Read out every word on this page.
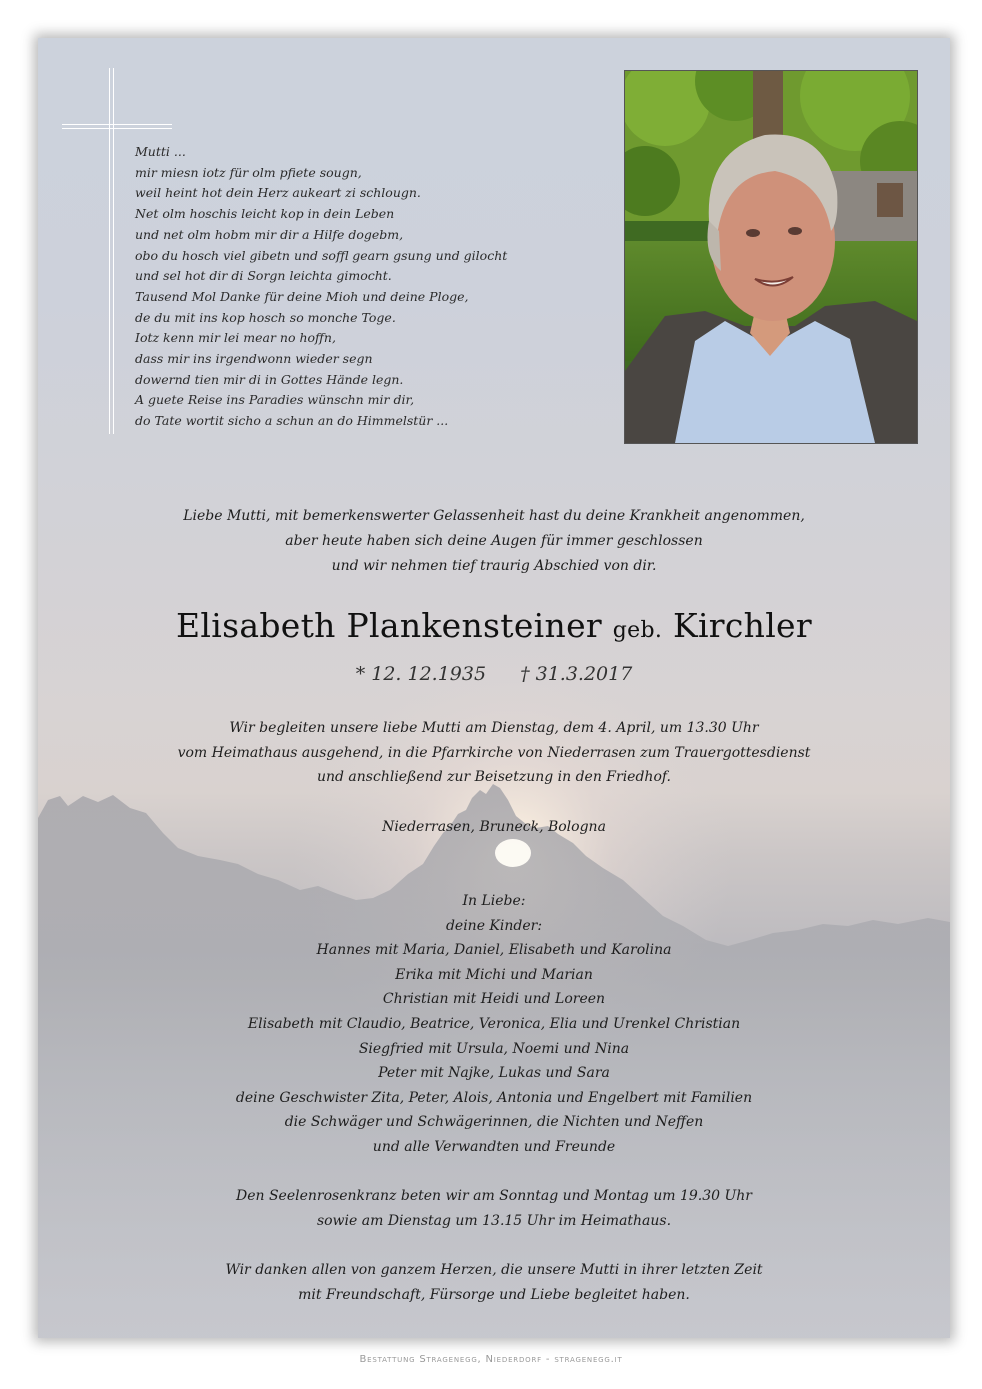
Mutti ...
mir miesn iotz für olm pfiete sougn,
weil heint hot dein Herz aukeart zi schlougn.
Net olm hoschis leicht kop in dein Leben
und net olm hobm mir dir a Hilfe dogebm,
obo du hosch viel gibetn und soffl gearn gsung und gilocht
und sel hot dir di Sorgn leichta gimocht.
Tausend Mol Danke für deine Mioh und deine Ploge,
de du mit ins kop hosch so monche Toge.
Iotz kenn mir lei mear no hoffn,
dass mir ins irgendwonn wieder segn
dowernd tien mir di in Gottes Hände legn.
A guete Reise ins Paradies wünschn mir dir,
do Tate wortit sicho a schun an do Himmelstür ...
Liebe Mutti, mit bemerkenswerter Gelassenheit hast du deine Krankheit angenommen,
aber heute haben sich deine Augen für immer geschlossen
und wir nehmen tief traurig Abschied von dir.
Elisabeth Plankensteiner geb. Kirchler
* 12. 12.1935 † 31.3.2017
Wir begleiten unsere liebe Mutti am Dienstag, dem 4. April, um 13.30 Uhr
vom Heimathaus ausgehend, in die Pfarrkirche von Niederrasen zum Trauergottesdienst
und anschließend zur Beisetzung in den Friedhof.
Niederrasen, Bruneck, Bologna
In Liebe:
deine Kinder:
Hannes mit Maria, Daniel, Elisabeth und Karolina
Erika mit Michi und Marian
Christian mit Heidi und Loreen
Elisabeth mit Claudio, Beatrice, Veronica, Elia und Urenkel Christian
Siegfried mit Ursula, Noemi und Nina
Peter mit Najke, Lukas und Sara
deine Geschwister Zita, Peter, Alois, Antonia und Engelbert mit Familien
die Schwäger und Schwägerinnen, die Nichten und Neffen
und alle Verwandten und Freunde
Den Seelenrosenkranz beten wir am Sonntag und Montag um 19.30 Uhr
sowie am Dienstag um 13.15 Uhr im Heimathaus.
Wir danken allen von ganzem Herzen, die unsere Mutti in ihrer letzten Zeit
mit Freundschaft, Fürsorge und Liebe begleitet haben.
Bestattung Stragenegg, Niederdorf - stragenegg.it
